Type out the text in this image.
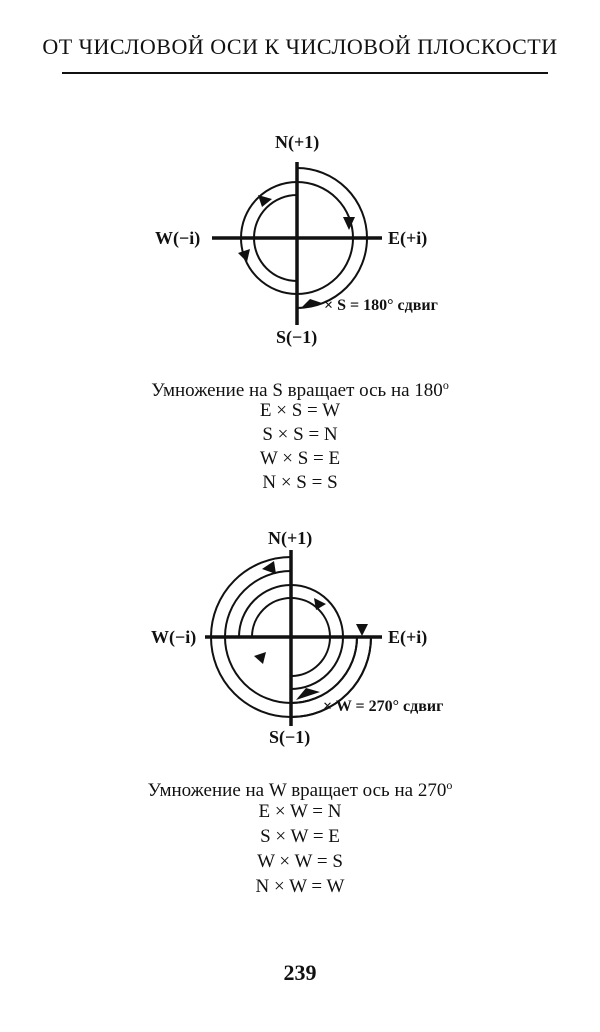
ОТ ЧИСЛОВОЙ ОСИ К ЧИСЛОВОЙ ПЛОСКОСТИ
N(+1)
W(−i)	E(+i)
S(−1)
× S = 180° сдвиг
Умножение на S вращает ось на 180$^o$
E × S = W
S × S = N
W × S = E
N × S = S
N(+1)
W(−i)	E(+i)
S(−1)
× W = 270° сдвиг
Умножение на W вращает ось на 270$^o$
E × W = N
S × W = E
W × W = S
N × W = W
239
